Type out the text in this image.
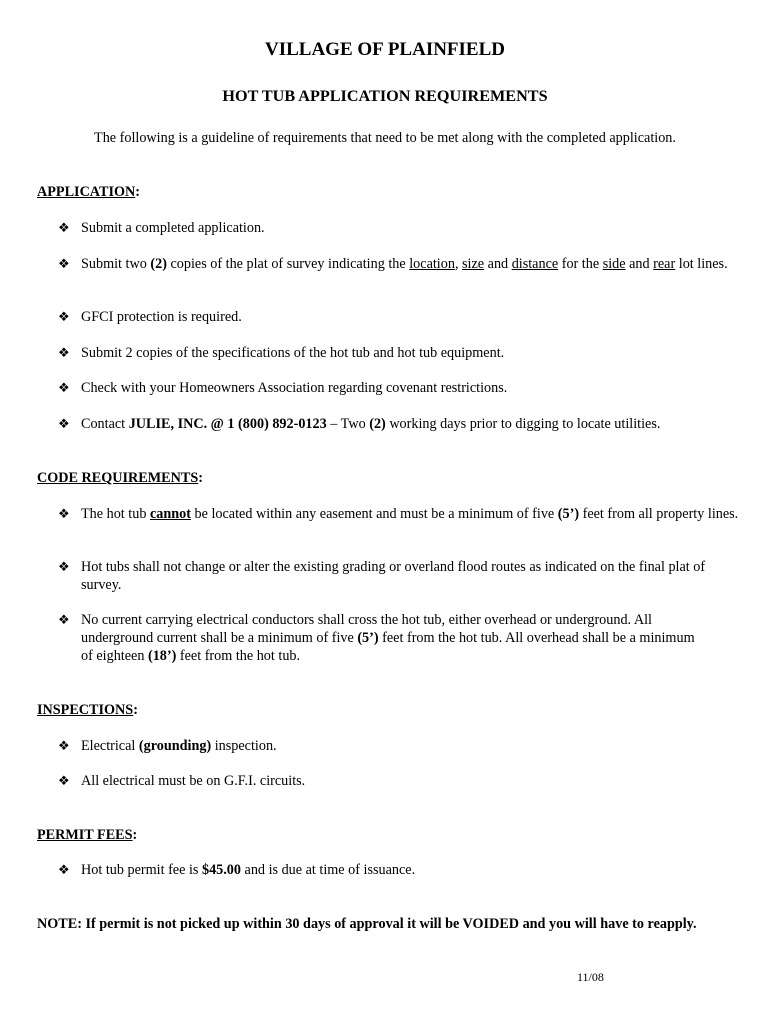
VILLAGE OF PLAINFIELD
HOT TUB APPLICATION REQUIREMENTS
The following is a guideline of requirements that need to be met along with the completed application.
APPLICATION:
❖ Submit a completed application.
❖ Submit two (2) copies of the plat of survey indicating the location, size and distance for the side and rear lot lines.
❖ GFCI protection is required.
❖ Submit 2 copies of the specifications of the hot tub and hot tub equipment.
❖ Check with your Homeowners Association regarding covenant restrictions.
❖ Contact JULIE, INC. @ 1 (800) 892-0123 – Two (2) working days prior to digging to locate utilities.
CODE REQUIREMENTS:
❖ The hot tub cannot be located within any easement and must be a minimum of five (5’) feet from all property lines.
❖ Hot tubs shall not change or alter the existing grading or overland flood routes as indicated on the final plat of survey.
❖ No current carrying electrical conductors shall cross the hot tub, either overhead or underground. All underground current shall be a minimum of five (5’) feet from the hot tub. All overhead shall be a minimum of eighteen (18’) feet from the hot tub.
INSPECTIONS:
❖ Electrical (grounding) inspection.
❖ All electrical must be on G.F.I. circuits.
PERMIT FEES:
❖ Hot tub permit fee is $45.00 and is due at time of issuance.
NOTE: If permit is not picked up within 30 days of approval it will be VOIDED and you will have to reapply.
11/08
